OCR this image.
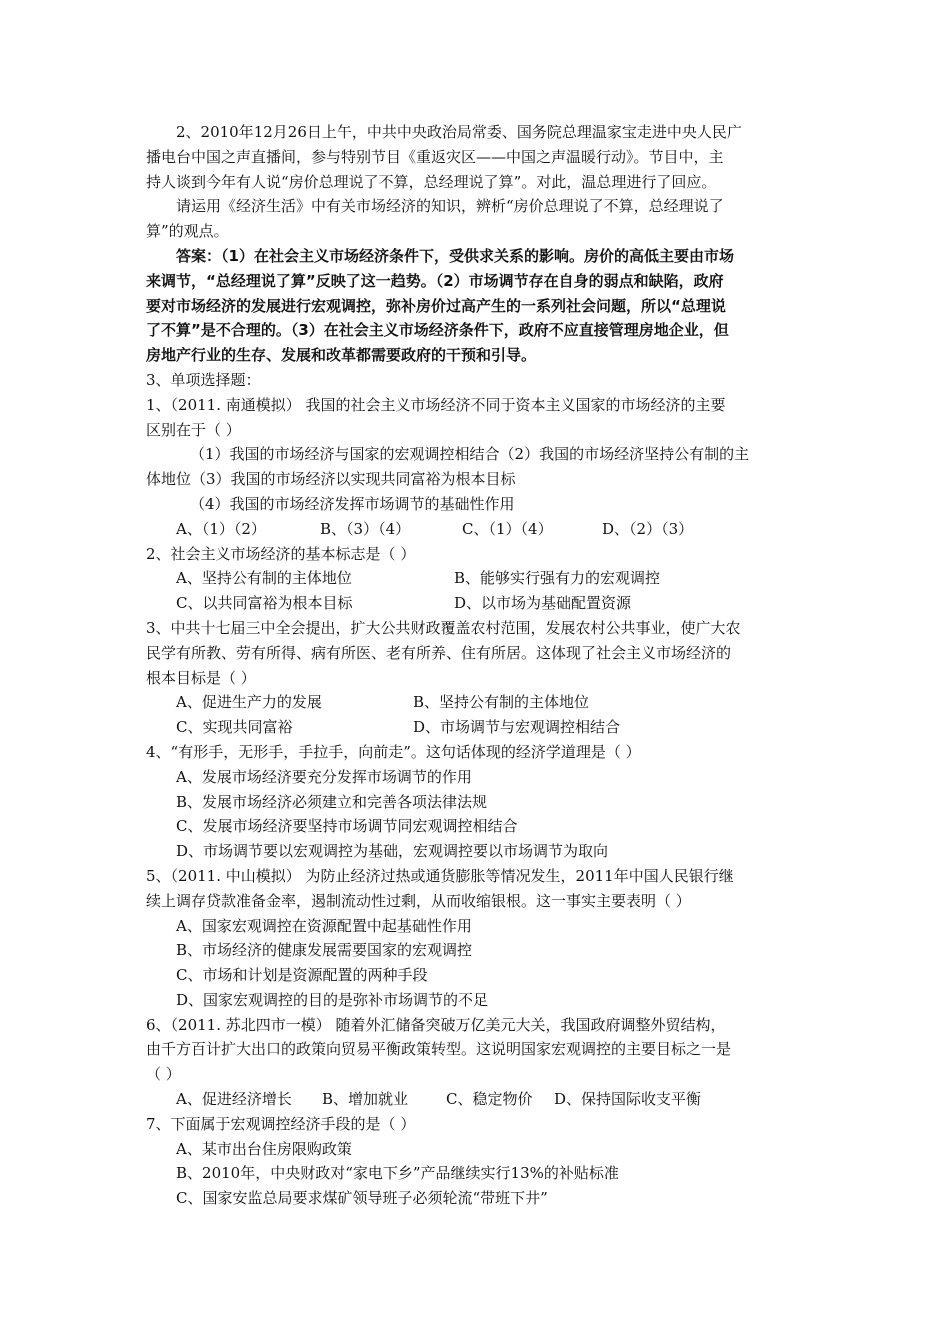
2、2010年12月26日上午，中共中央政治局常委、国务院总理温家宝走进中央人民广

播电台中国之声直播间，参与特别节目《重返灾区——中国之声温暖行动》。节目中，主

持人谈到今年有人说“房价总理说了不算，总经理说了算”。对此，温总理进行了回应。

请运用《经济生活》中有关市场经济的知识，辨析“房价总理说了不算，总经理说了

算”的观点。

答案：（1）在社会主义市场经济条件下，受供求关系的影响。房价的高低主要由市场

来调节，“总经理说了算”反映了这一趋势。（2）市场调节存在自身的弱点和缺陷，政府

要对市场经济的发展进行宏观调控，弥补房价过高产生的一系列社会问题，所以“总理说

了不算”是不合理的。（3）在社会主义市场经济条件下，政府不应直接管理房地企业，但

房地产行业的生存、发展和改革都需要政府的干预和引导。

3、单项选择题：

1、（2011. 南通模拟） 我国的社会主义市场经济不同于资本主义国家的市场经济的主要

区别在于（ ）

（1）我国的市场经济与国家的宏观调控相结合（2）我国的市场经济坚持公有制的主

体地位（3）我国的市场经济以实现共同富裕为根本目标

（4）我国的市场经济发挥市场调节的基础性作用

A、（1）（2）	B、（3）（4）	C、（1）（4）	D、（2）（3）

2、社会主义市场经济的基本标志是（ ）

A、坚持公有制的主体地位	B、能够实行强有力的宏观调控
C、以共同富裕为根本目标	D、以市场为基础配置资源

3、中共十七届三中全会提出，扩大公共财政覆盖农村范围，发展农村公共事业，使广大农

民学有所教、劳有所得、病有所医、老有所养、住有所居。这体现了社会主义市场经济的

根本目标是（ ）

A、促进生产力的发展	B、坚持公有制的主体地位
C、实现共同富裕	D、市场调节与宏观调控相结合

4、“有形手，无形手，手拉手，向前走”。这句话体现的经济学道理是（ ）

A、发展市场经济要充分发挥市场调节的作用
B、发展市场经济必须建立和完善各项法律法规
C、发展市场经济要坚持市场调节同宏观调控相结合
D、市场调节要以宏观调控为基础，宏观调控要以市场调节为取向

5、（2011. 中山模拟） 为防止经济过热或通货膨胀等情况发生，2011年中国人民银行继

续上调存贷款准备金率，遏制流动性过剩，从而收缩银根。这一事实主要表明（ ）

A、国家宏观调控在资源配置中起基础性作用
B、市场经济的健康发展需要国家的宏观调控
C、市场和计划是资源配置的两种手段
D、国家宏观调控的目的是弥补市场调节的不足

6、（2011. 苏北四市一模） 随着外汇储备突破万亿美元大关，我国政府调整外贸结构，

由千方百计扩大出口的政策向贸易平衡政策转型。这说明国家宏观调控的主要目标之一是

（ ）

A、促进经济增长	B、增加就业	C、稳定物价	D、保持国际收支平衡

7、下面属于宏观调控经济手段的是（ ）

A、某市出台住房限购政策
B、2010年，中央财政对“家电下乡”产品继续实行13%的补贴标准
C、国家安监总局要求煤矿领导班子必须轮流“带班下井”
